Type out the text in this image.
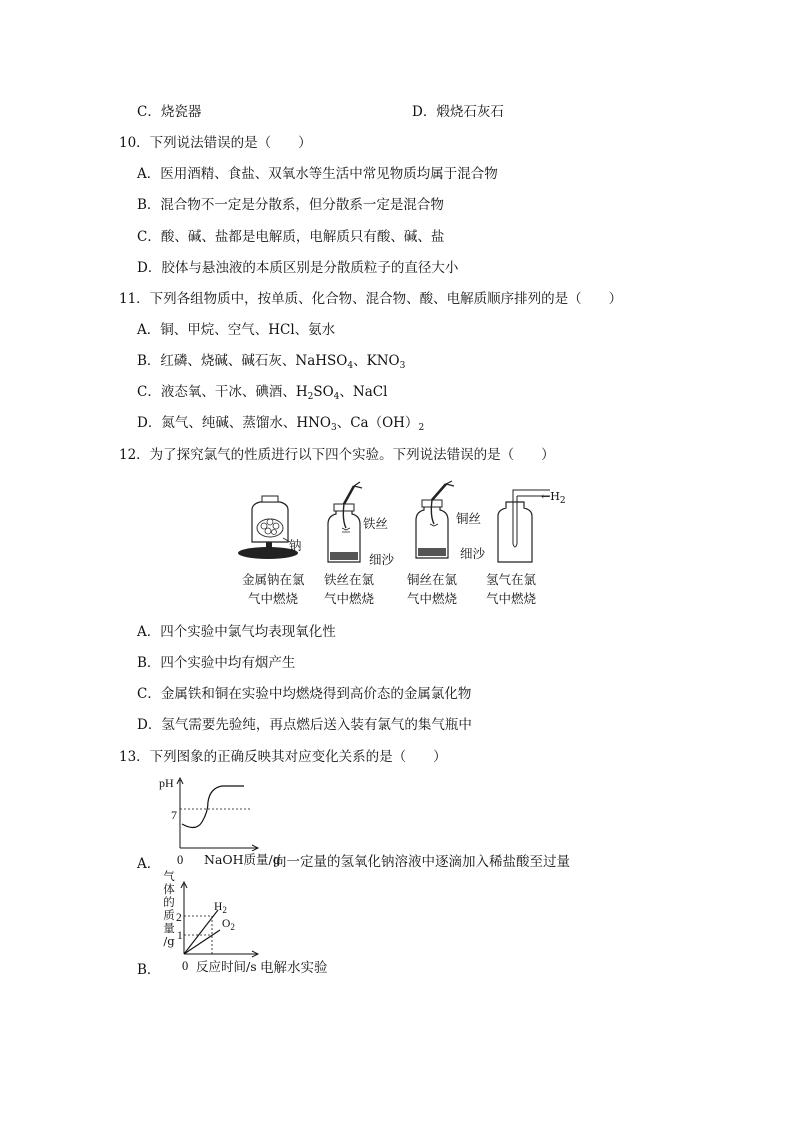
C．烧瓷器	D．煅烧石灰石
10．下列说法错误的是（　　）
A．医用酒精、食盐、双氧水等生活中常见物质均属于混合物
B．混合物不一定是分散系，但分散系一定是混合物
C．酸、碱、盐都是电解质，电解质只有酸、碱、盐
D．胶体与悬浊液的本质区别是分散质粒子的直径大小
11．下列各组物质中，按单质、化合物、混合物、酸、电解质顺序排列的是（　　）
A．铜、甲烷、空气、HCl、氨水
B．红磷、烧碱、碱石灰、NaHSO$_4$、$KNO_3$
C．液态氧、干冰、碘酒、$H_2SO_4$、NaCl
D．氮气、纯碱、蒸馏水、$HNO_3$、$Ca(OH)_2$
12．为了探究氯气的性质进行以下四个实验。下列说法错误的是（　　）
钠
铁丝
细沙
铜丝
细沙
$\leftarrow H_2$
金属钠在氯
气中燃烧
铁丝在氯
气中燃烧
铜丝在氯
气中燃烧
氢气在氯
气中燃烧
A．四个实验中氯气均表现氧化性
B．四个实验中均有烟产生
C．金属铁和铜在实验中均燃烧得到高价态的金属氯化物
D．氢气需要先验纯，再点燃后送入装有氯气的集气瓶中
13．下列图象的正确反映其对应变化关系的是（　　）
pH
7
A． 0 NaOH质量/g
向一定量的氢氧化钠溶液中逐滴加入稀盐酸至过量
气
体
的
质
量
/g
2
1
$H_2$
$O_2$
B． 0 反应时间/s 电解水实验
